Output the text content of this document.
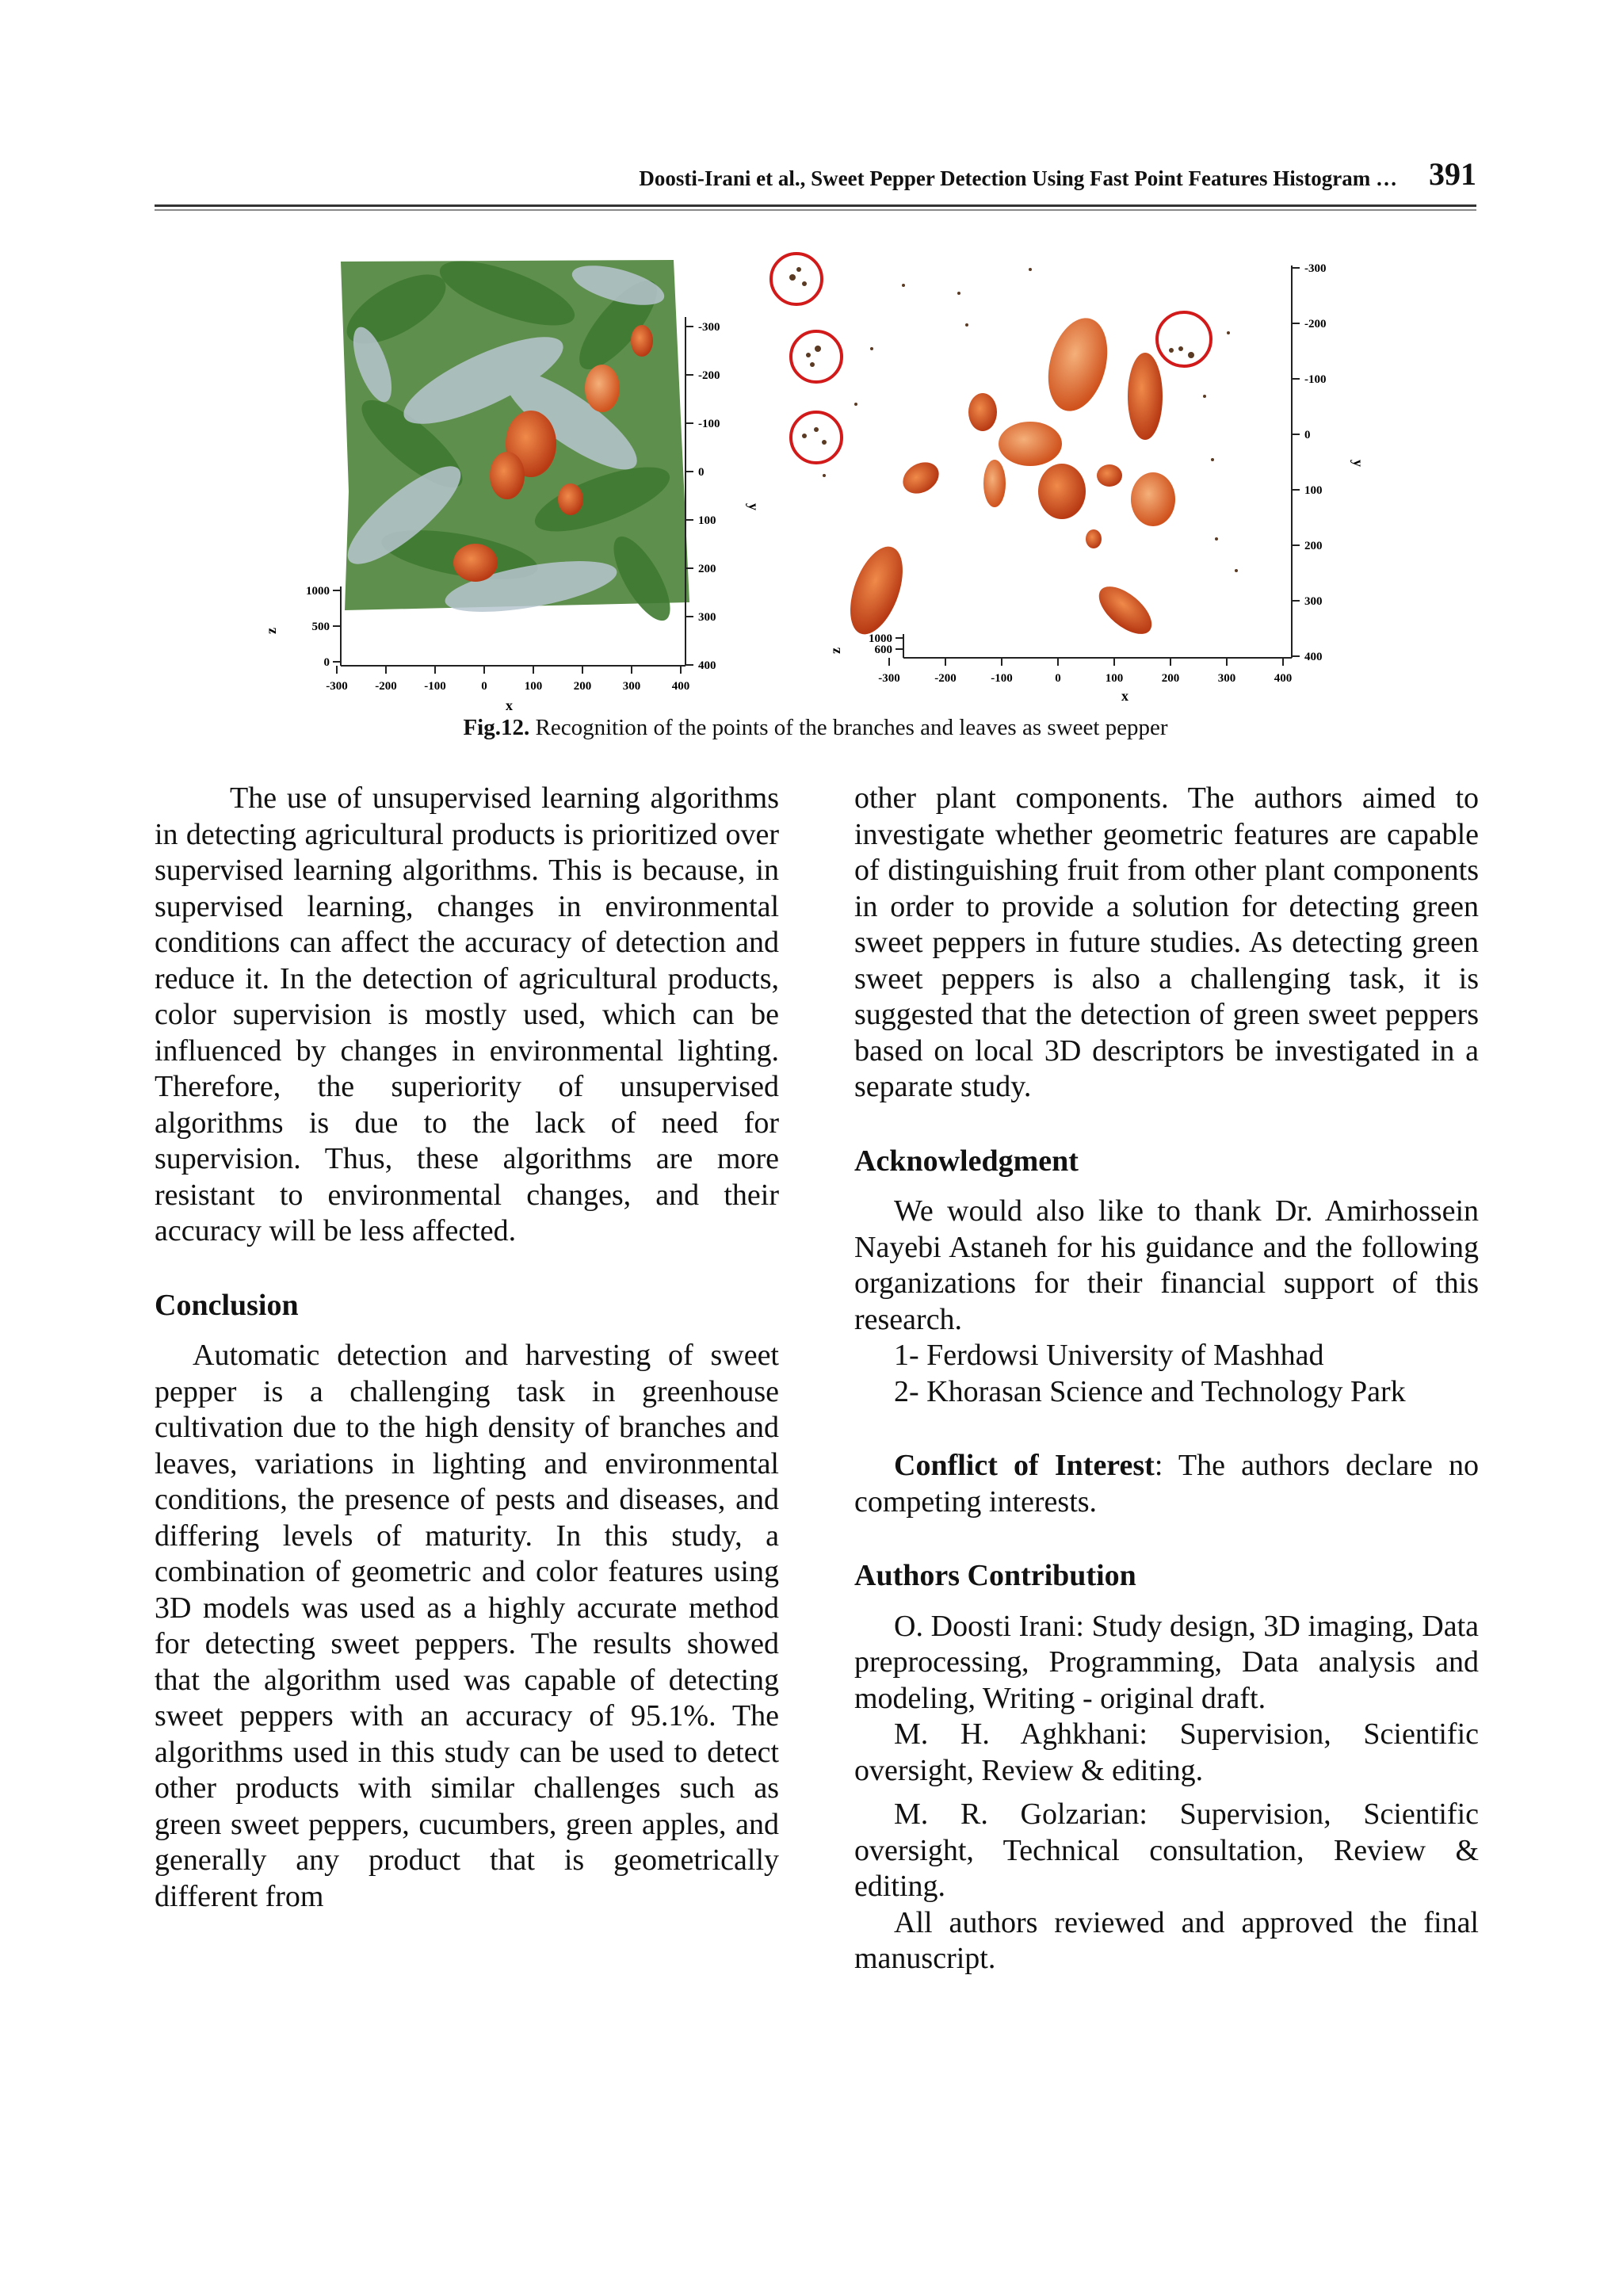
Doosti-Irani et al., Sweet Pepper Detection Using Fast Point Features Histogram … 391
-300
-200
-100
0
100
200
300
400
-300 -200 -100	0	100	200	300	400
1000
500
0
x
y
z
-300
-200
-100
0
100
200
300
400
-300	-200	-100	0	100	200	300	400
1000
600
x
y
z
Fig.12. Recognition of the points of the branches and leaves as sweet pepper

The use of unsupervised learning algorithms in detecting agricultural products is prioritized over supervised learning algorithms. This is because, in supervised learning, changes in environmental conditions can affect the accuracy of detection and reduce it. In the detection of agricultural products, color supervision is mostly used, which can be influenced by changes in environmental lighting. Therefore, the superiority of unsupervised algorithms is due to the lack of need for supervision. Thus, these algorithms are more resistant to environmental changes, and their accuracy will be less affected.

Conclusion

Automatic detection and harvesting of sweet pepper is a challenging task in greenhouse cultivation due to the high density of branches and leaves, variations in lighting and environmental conditions, the presence of pests and diseases, and differing levels of maturity. In this study, a combination of geometric and color features using 3D models was used as a highly accurate method for detecting sweet peppers. The results showed that the algorithm used was capable of detecting sweet peppers with an accuracy of 95.1%. The algorithms used in this study can be used to detect other products with similar challenges such as green sweet peppers, cucumbers, green apples, and generally any product that is geometrically different from

other plant components. The authors aimed to investigate whether geometric features are capable of distinguishing fruit from other plant components in order to provide a solution for detecting green sweet peppers in future studies. As detecting green sweet peppers is also a challenging task, it is suggested that the detection of green sweet peppers based on local 3D descriptors be investigated in a separate study.

Acknowledgment

We would also like to thank Dr. Amirhossein Nayebi Astaneh for his guidance and the following organizations for their financial support of this research.

1- Ferdowsi University of Mashhad

2- Khorasan Science and Technology Park

Conflict of Interest: The authors declare no competing interests.

Authors Contribution

O. Doosti Irani: Study design, 3D imaging, Data preprocessing, Programming, Data analysis and modeling, Writing - original draft.

M. H. Aghkhani: Supervision, Scientific oversight, Review & editing.

M. R. Golzarian: Supervision, Scientific oversight, Technical consultation, Review & editing.

All authors reviewed and approved the final manuscript.
